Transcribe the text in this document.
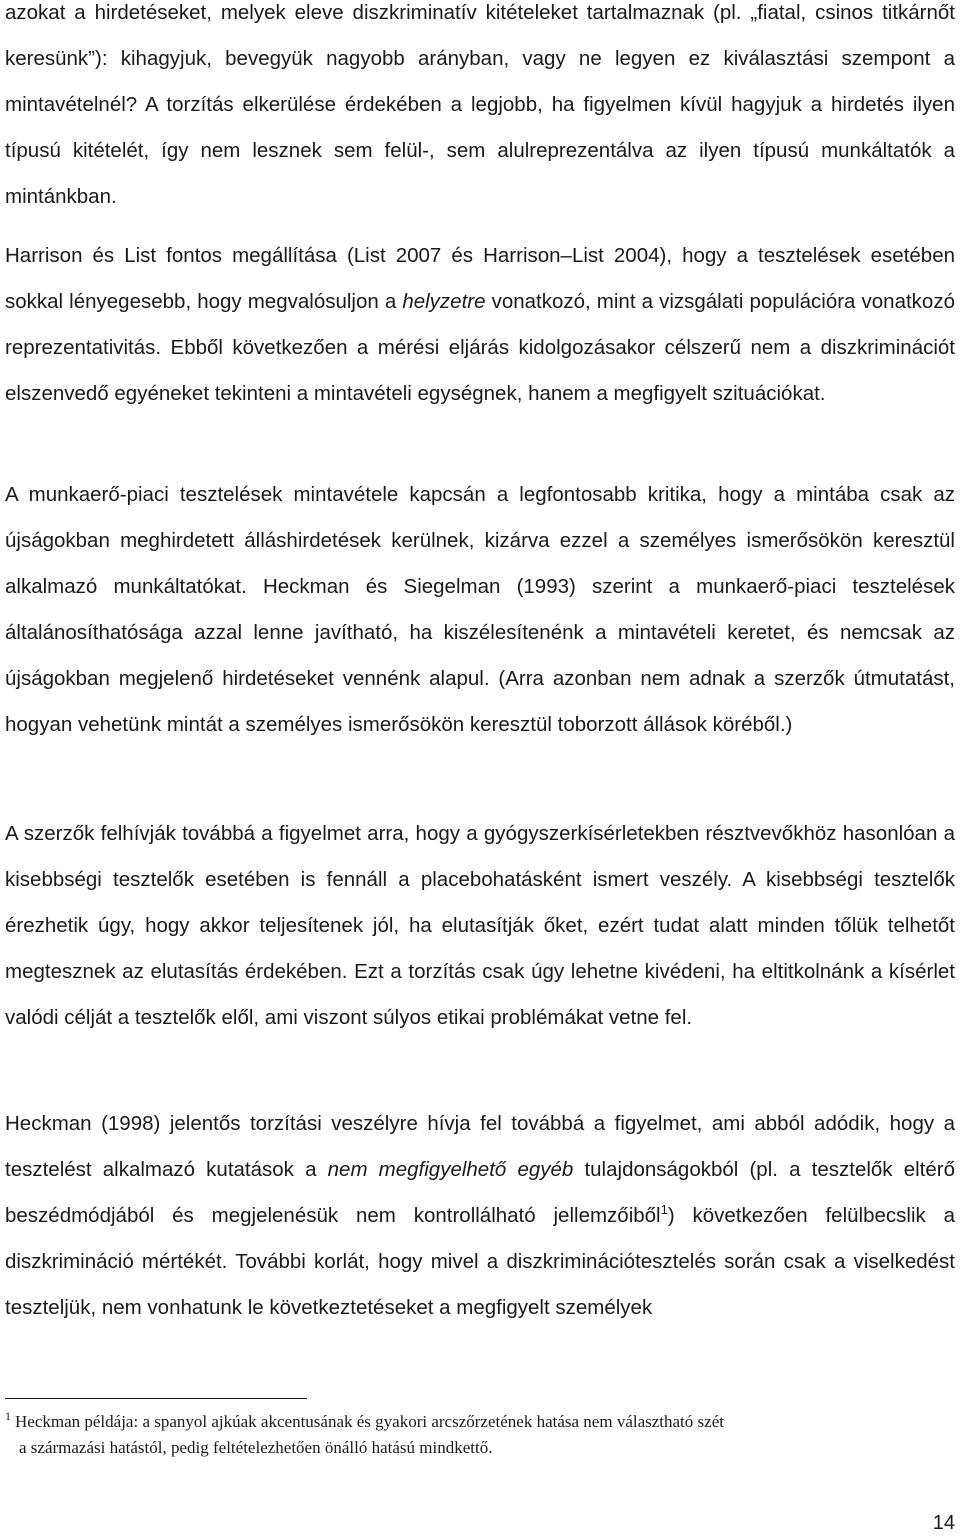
azokat a hirdetéseket, melyek eleve diszkriminatív kitételeket tartalmaznak (pl. „fiatal, csinos titkárnőt keresünk”): kihagyjuk, bevegyük nagyobb arányban, vagy ne legyen ez kiválasztási szempont a mintavételnél? A torzítás elkerülése érdekében a legjobb, ha figyelmen kívül hagyjuk a hirdetés ilyen típusú kitételét, így nem lesznek sem felül-, sem alulreprezentálva az ilyen típusú munkáltatók a mintánkban.

Harrison és List fontos megállítása (List 2007 és Harrison–List 2004), hogy a tesztelések esetében sokkal lényegesebb, hogy megvalósuljon a helyzetre vonatkozó, mint a vizsgálati populációra vonatkozó reprezentativitás. Ebből következően a mérési eljárás kidolgozásakor célszerű nem a diszkriminációt elszenvedő egyéneket tekinteni a mintavételi egységnek, hanem a megfigyelt szituációkat.

A munkaerő-piaci tesztelések mintavétele kapcsán a legfontosabb kritika, hogy a mintába csak az újságokban meghirdetett álláshirdetések kerülnek, kizárva ezzel a személyes ismerősökön keresztül alkalmazó munkáltatókat. Heckman és Siegelman (1993) szerint a munkaerő-piaci tesztelések általánosíthatósága azzal lenne javítható, ha kiszélesítenénk a mintavételi keretet, és nemcsak az újságokban megjelenő hirdetéseket vennénk alapul. (Arra azonban nem adnak a szerzők útmutatást, hogyan vehetünk mintát a személyes ismerősökön keresztül toborzott állások köréből.)

A szerzők felhívják továbbá a figyelmet arra, hogy a gyógyszerkísérletekben résztvevőkhöz hasonlóan a kisebbségi tesztelők esetében is fennáll a placebohatásként ismert veszély. A kisebbségi tesztelők érezhetik úgy, hogy akkor teljesítenek jól, ha elutasítják őket, ezért tudat alatt minden tőlük telhetőt megtesznek az elutasítás érdekében. Ezt a torzítás csak úgy lehetne kivédeni, ha eltitkolnánk a kísérlet valódi célját a tesztelők elől, ami viszont súlyos etikai problémákat vetne fel.

Heckman (1998) jelentős torzítási veszélyre hívja fel továbbá a figyelmet, ami abból adódik, hogy a tesztelést alkalmazó kutatások a nem megfigyelhető egyéb tulajdonságokból (pl. a tesztelők eltérő beszédmódjából és megjelenésük nem kontrollálható jellemzőiből$^1$) következően felülbecslik a diszkrimináció mértékét. További korlát, hogy mivel a diszkriminációtesztelés során csak a viselkedést teszteljük, nem vonhatunk le következtetéseket a megfigyelt személyek

$^1$ Heckman példája: a spanyol ajkúak akcentusának és gyakori arcszőrzetének hatása nem választható szét
a származási hatástól, pedig feltételezhetően önálló hatású mindkettő.
14
